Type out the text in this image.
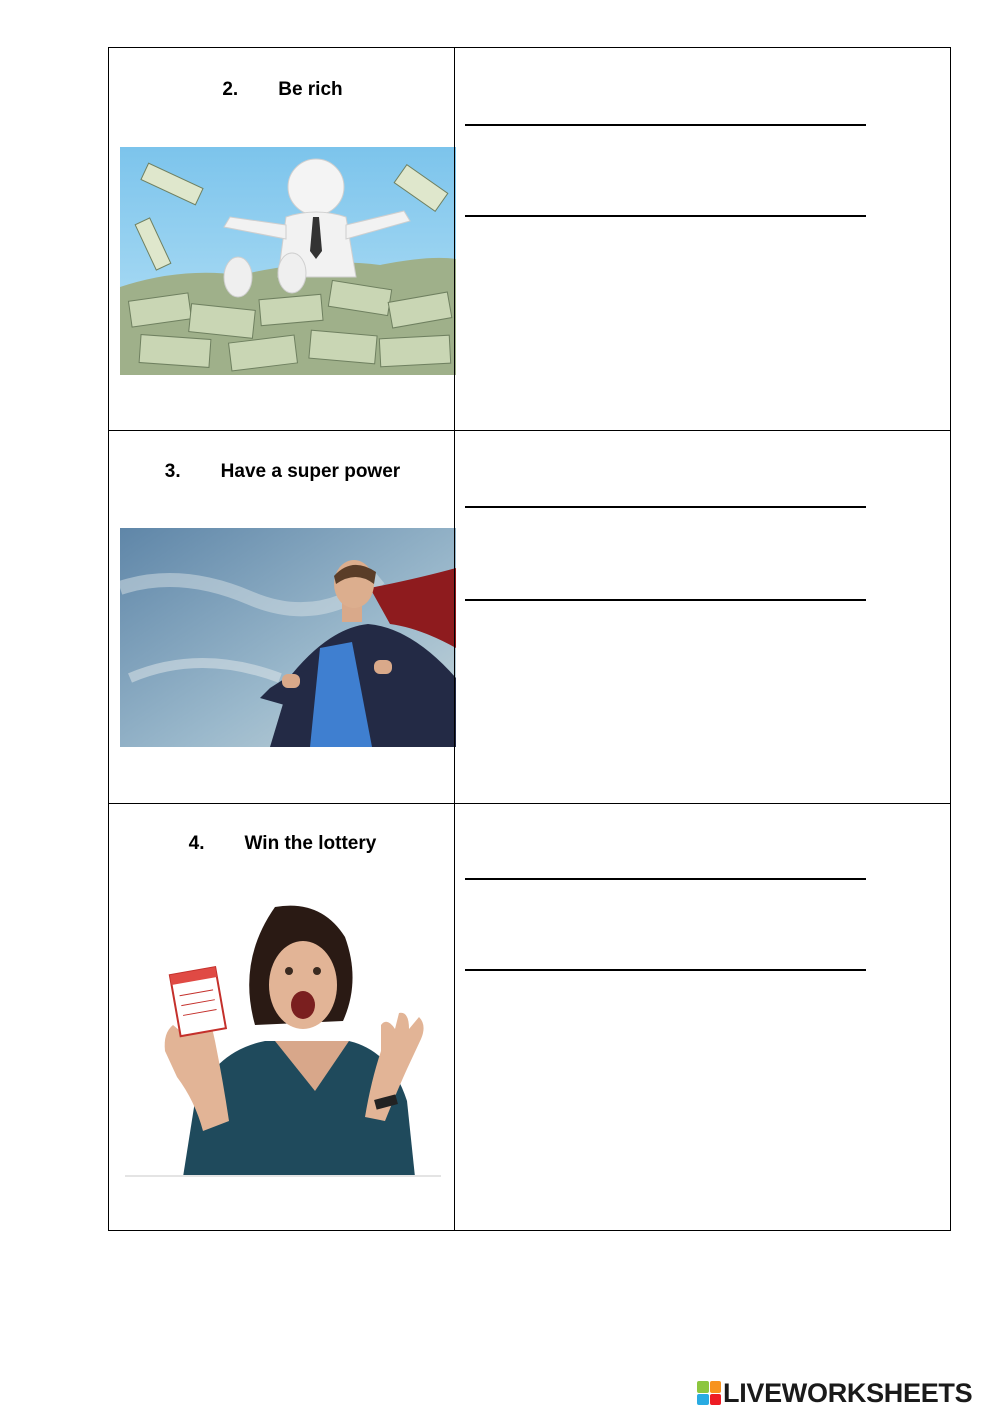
2. Be rich
3. Have a super power
4. Win the lottery
LIVEWORKSHEETS
